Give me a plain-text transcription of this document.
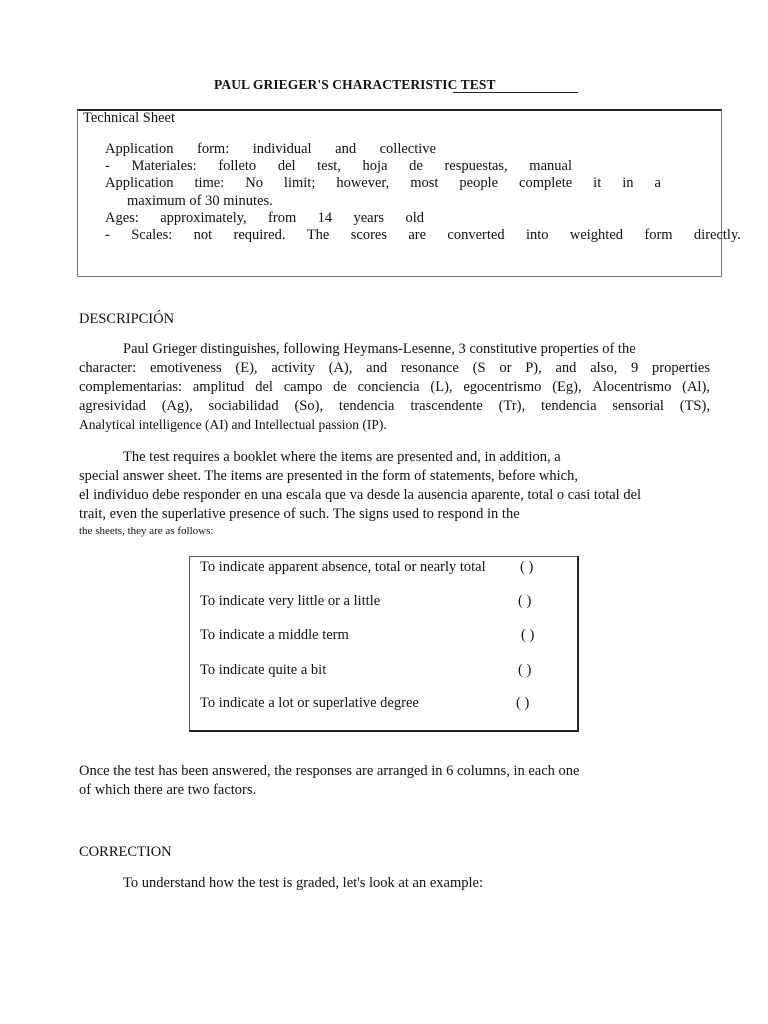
PAUL GRIEGER'S CHARACTERISTIC TEST
Technical Sheet
Application form: individual and collective
- Materiales: folleto del test, hoja de respuestas, manual
Application time: No limit; however, most people complete it in a
maximum of 30 minutes.
Ages: approximately, from 14 years old
- Scales: not required. The scores are converted into weighted form directly.
DESCRIPCIÓN
Paul Grieger distinguishes, following Heymans-Lesenne, 3 constitutive properties of the
character: emotiveness (E), activity (A), and resonance (S or P), and also, 9 properties
complementarias: amplitud del campo de conciencia (L), egocentrismo (Eg), Alocentrismo (Al),
agresividad (Ag), sociabilidad (So), tendencia trascendente (Tr), tendencia sensorial (TS),
Analytical intelligence (AI) and Intellectual passion (IP).
The test requires a booklet where the items are presented and, in addition, a
special answer sheet. The items are presented in the form of statements, before which,
el individuo debe responder en una escala que va desde la ausencia aparente, total o casi total del
trait, even the superlative presence of such. The signs used to respond in the
the sheets, they are as follows:
To indicate apparent absence, total or nearly total ( )
To indicate very little or a little	( )
To indicate a middle term	( )
To indicate quite a bit	( )
To indicate a lot or superlative degree	( )
Once the test has been answered, the responses are arranged in 6 columns, in each one
of which there are two factors.
CORRECTION
To understand how the test is graded, let's look at an example:
